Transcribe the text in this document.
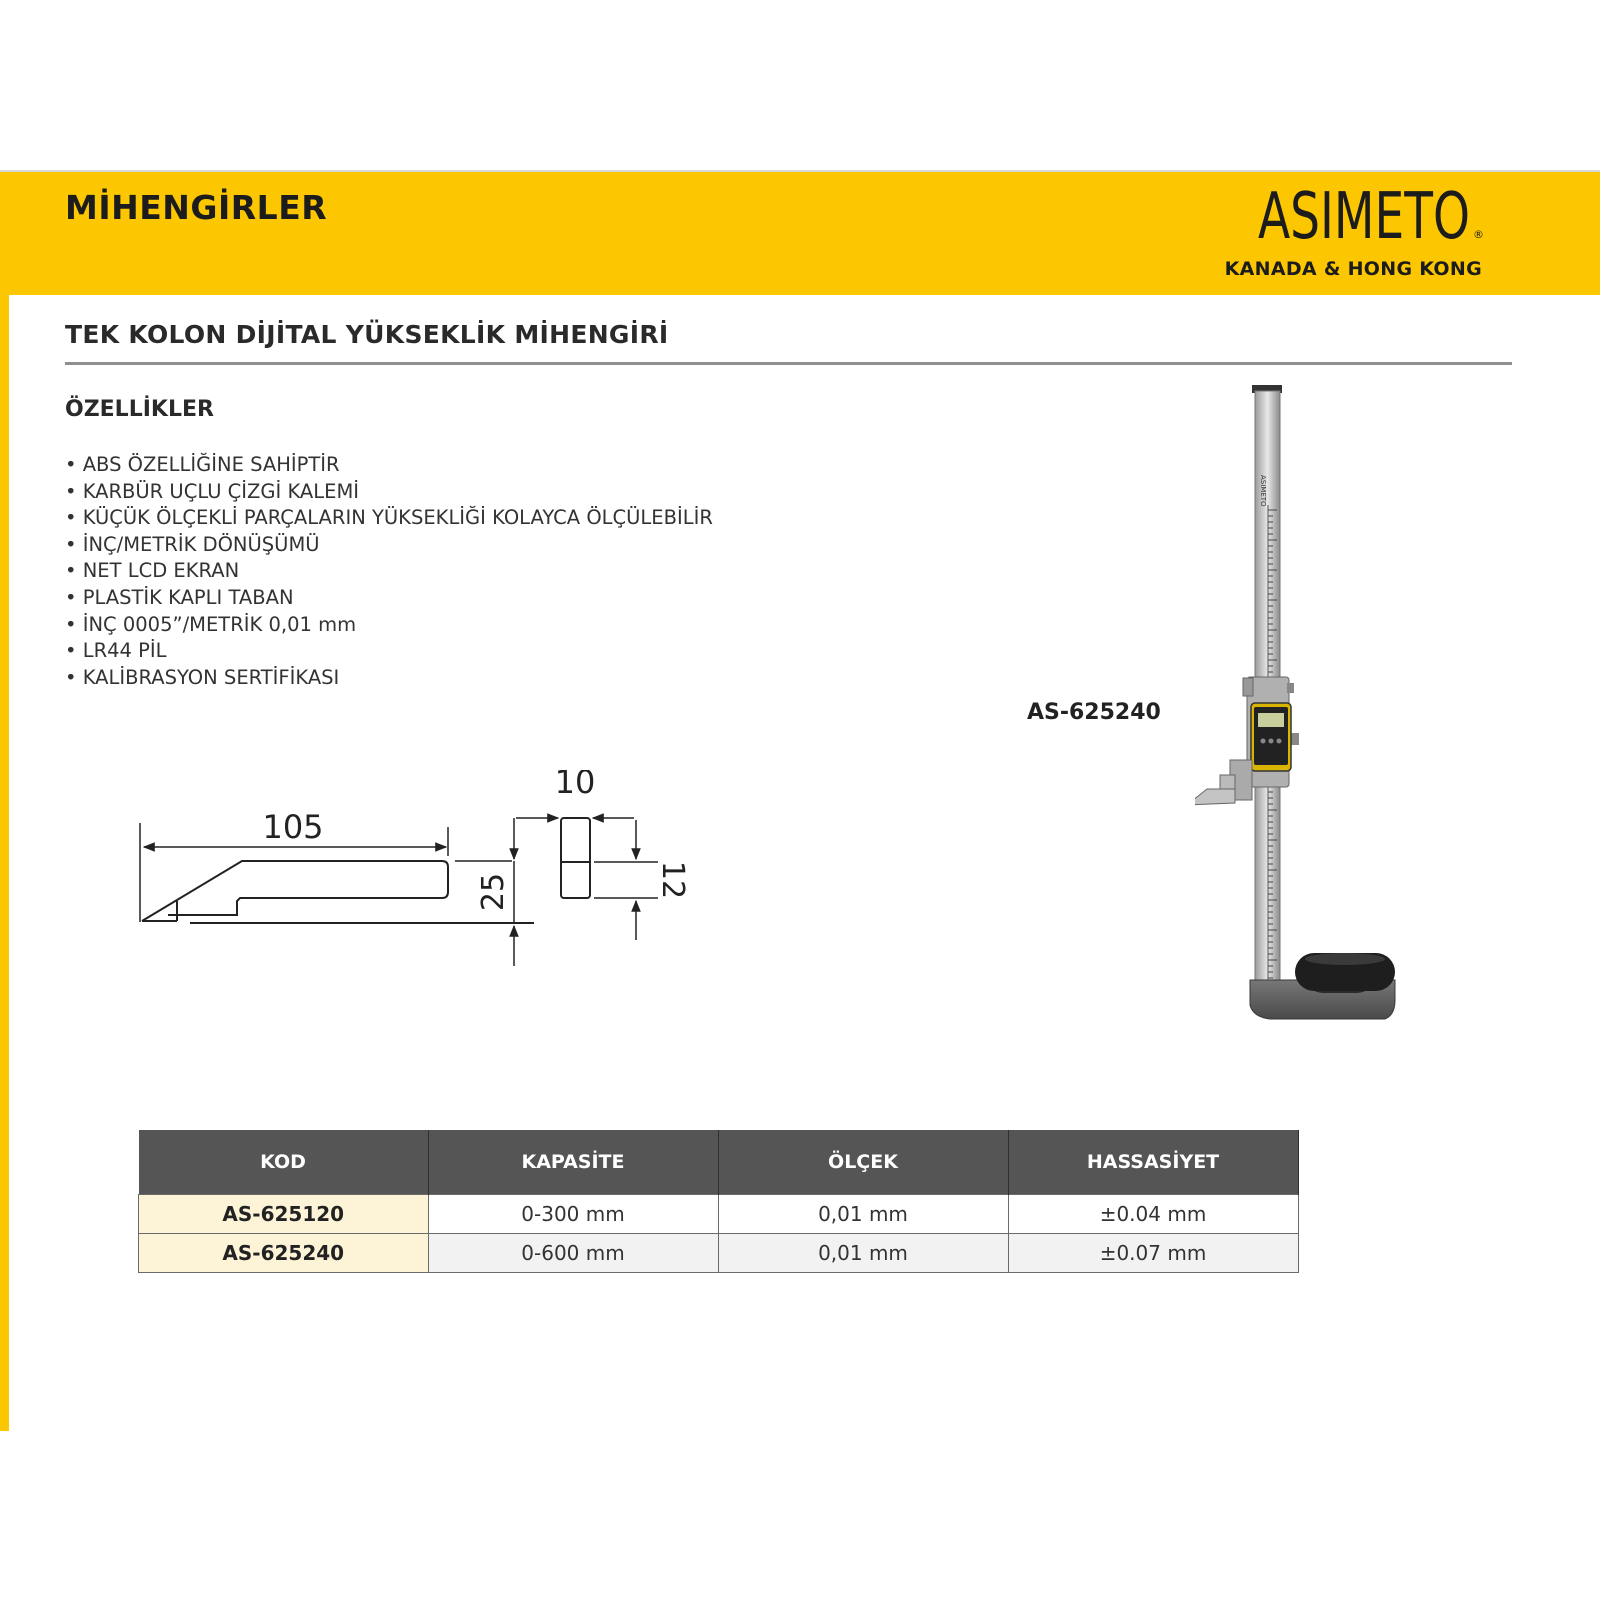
MİHENGİRLER	ASIMETO ®

KANADA & HONG KONG

TEK KOLON DİJİTAL YÜKSEKLİK MİHENGİRİ
ÖZELLİKLER
• ABS ÖZELLİĞİNE SAHİPTİR
• KARBÜR UÇLU ÇİZGİ KALEMİ
• KÜÇÜK ÖLÇEKLİ PARÇALARIN YÜKSEKLİĞİ KOLAYCA ÖLÇÜLEBİLİR
• İNÇ/METRİK DÖNÜŞÜMÜ
• NET LCD EKRAN
• PLASTİK KAPLI TABAN
• İNÇ 0005”/METRİK 0,01 mm
• LR44 PİL
• KALİBRASYON SERTİFİKASI

AS-625240

105
25
10
12
ASIMETO
KOD	KAPASİTE	ÖLÇEK	HASSASİYET
AS-625120	0-300 mm	0,01 mm	±0.04 mm
AS-625240	0-600 mm	0,01 mm	±0.07 mm
